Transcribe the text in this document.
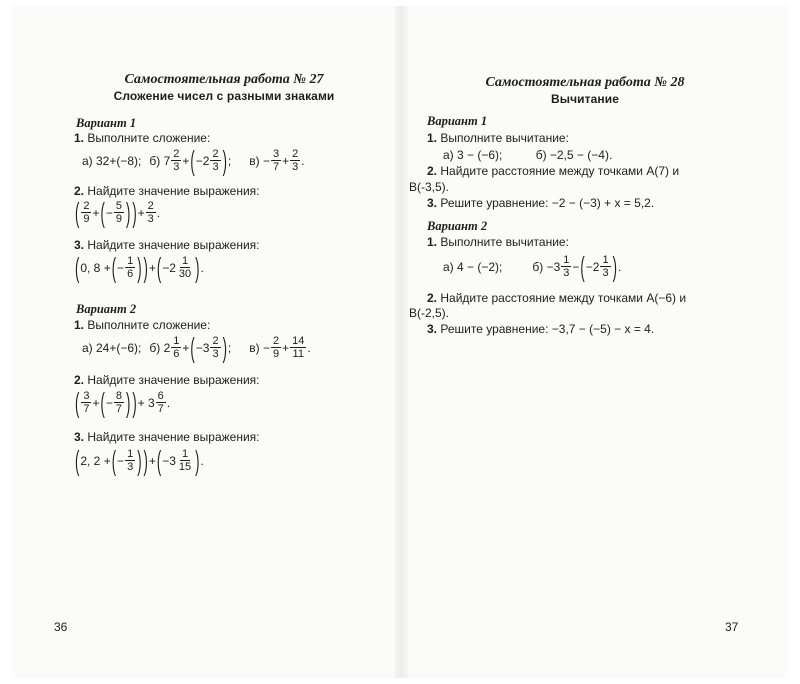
Самостоятельная работа № 27

Сложение чисел с разными знаками

Вариант 1

1. Выполните сложение:

а) 32+(−8); б) $7 \frac{2}{3}$ + ( $-2 \frac{2}{3}$ ) ; $в) - \frac{3}{7} + \frac{2}{3}$ .

2. Найдите значение выражения:

( $\frac{2}{9}$ + ( − $\frac{5}{9}$ ) ) + $\frac{2}{3}$ .

3. Найдите значение выражения:

( 0, 8 + ( − $\frac{1}{6}$ ) ) + ( $-2 \frac{1}{30}$ ) .

Вариант 2

1. Выполните сложение:

а) 24+(−6); б) $2 \frac{1}{6}$ + ( $-3 \frac{2}{3}$ ) ; $в) - \frac{2}{9} + \frac{14}{11}$ .

2. Найдите значение выражения:

( $\frac{3}{7}$ + ( − $\frac{8}{7}$ ) ) + $3 \frac{6}{7}$ .

3. Найдите значение выражения:

( 2, 2 + ( − $\frac{1}{3}$ ) ) + ( $-3 \frac{1}{15}$ ) .
36

Самостоятельная работа № 28

Вычитание

Вариант 1

1. Выполните вычитание:

а) 3 − (−6);          б) −2,5 − (−4).

2. Найдите расстояние между точками A(7) и

B(-3,5).

3. Решите уравнение: −2 − (−3) + x = 5,2.

Вариант 2

1. Выполните вычитание:

а) 4 − (−2);	$б) -3 \frac{1}{3}$ − ( $-2 \frac{1}{3}$ ) .

2. Найдите расстояние между точками A(−6) и

B(-2,5).

3. Решите уравнение: −3,7 − (−5) − x = 4.

37
